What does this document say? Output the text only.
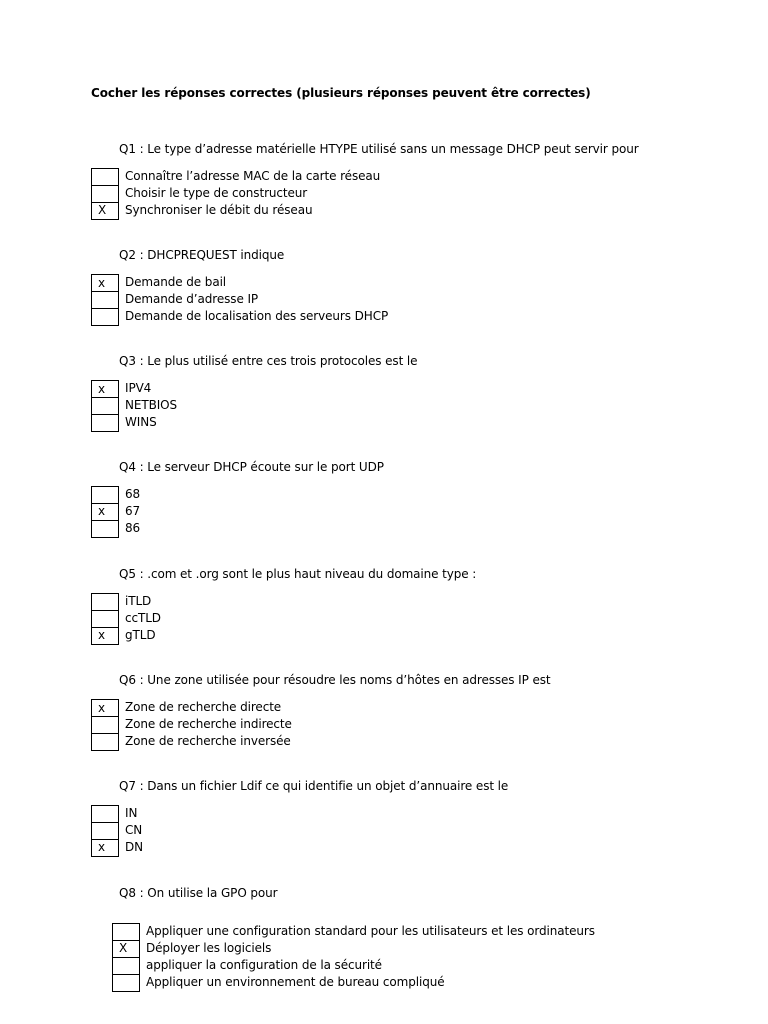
Cocher les réponses correctes (plusieurs réponses peuvent être correctes)
Q1 : Le type d’adresse matérielle HTYPE utilisé sans un message DHCP peut servir pour
Connaître l’adresse MAC de la carte réseau
Choisir le type de constructeur
X Synchroniser le débit du réseau
Q2 : DHCPREQUEST indique
x Demande de bail
Demande d’adresse IP
Demande de localisation des serveurs DHCP
Q3 : Le plus utilisé entre ces trois protocoles est le
x IPV4
NETBIOS
WINS
Q4 : Le serveur DHCP écoute sur le port UDP
68
x 67
86
Q5 : .com et .org sont le plus haut niveau du domaine type :
iTLD
ccTLD
x gTLD
Q6 : Une zone utilisée pour résoudre les noms d’hôtes en adresses IP est
x Zone de recherche directe
Zone de recherche indirecte
Zone de recherche inversée
Q7 : Dans un fichier Ldif ce qui identifie un objet d’annuaire est le
IN
CN
x DN
Q8 : On utilise la GPO pour
Appliquer une configuration standard pour les utilisateurs et les ordinateurs
X Déployer les logiciels
appliquer la configuration de la sécurité
Appliquer un environnement de bureau compliqué
